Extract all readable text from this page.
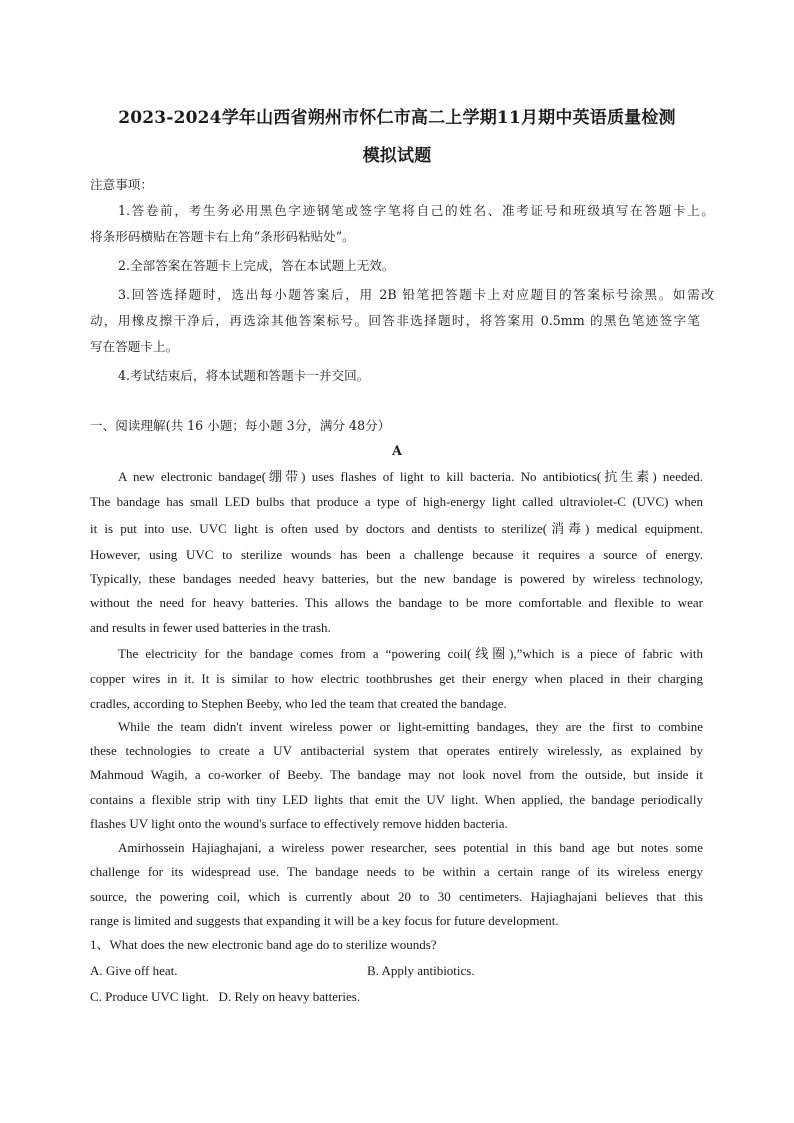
2023-2024学年山西省朔州市怀仁市高二上学期11月期中英语质量检测
模拟试题
注意事项：
1.答卷前，考生务必用黑色字迹钢笔或签字笔将自己的姓名、准考证号和班级填写在答题卡上。
将条形码横贴在答题卡右上角“条形码粘贴处”。
2.全部答案在答题卡上完成，答在本试题上无效。
3.回答选择题时，选出每小题答案后，用 2B 铅笔把答题卡上对应题目的答案标号涂黑。如需改
动，用橡皮擦干净后，再选涂其他答案标号。回答非选择题时，将答案用 0.5mm 的黑色笔迹签字笔
写在答题卡上。
4.考试结束后，将本试题和答题卡一并交回。
一、阅读理解(共 16 小题；每小题 3分，满分 48分）
A
A new electronic bandage(绷带) uses flashes of light to kill bacteria. No antibiotics(抗生素) needed.
The bandage has small LED bulbs that produce a type of high-energy light called ultraviolet-C (UVC) when
it is put into use. UVC light is often used by doctors and dentists to sterilize(消毒) medical equipment.
However, using UVC to sterilize wounds has been a challenge because it requires a source of energy.
Typically, these bandages needed heavy batteries, but the new bandage is powered by wireless technology,
without the need for heavy batteries. This allows the bandage to be more comfortable and flexible to wear
and results in fewer used batteries in the trash.
The electricity for the bandage comes from a “powering coil(线圈),”which is a piece of fabric with
copper wires in it. It is similar to how electric toothbrushes get their energy when placed in their charging
cradles, according to Stephen Beeby, who led the team that created the bandage.
While the team didn't invent wireless power or light-emitting bandages, they are the first to combine
these technologies to create a UV antibacterial system that operates entirely wirelessly, as explained by
Mahmoud Wagih, a co-worker of Beeby. The bandage may not look novel from the outside, but inside it
contains a flexible strip with tiny LED lights that emit the UV light. When applied, the bandage periodically
flashes UV light onto the wound's surface to effectively remove hidden bacteria.
Amirhossein Hajiaghajani, a wireless power researcher, sees potential in this band age but notes some
challenge for its widespread use. The bandage needs to be within a certain range of its wireless energy
source, the powering coil, which is currently about 20 to 30 centimeters. Hajiaghajani believes that this
range is limited and suggests that expanding it will be a key focus for future development.
1、What does the new electronic band age do to sterilize wounds?
A. Give off heat.	B. Apply antibiotics.
C. Produce UVC light.   D. Rely on heavy batteries.
